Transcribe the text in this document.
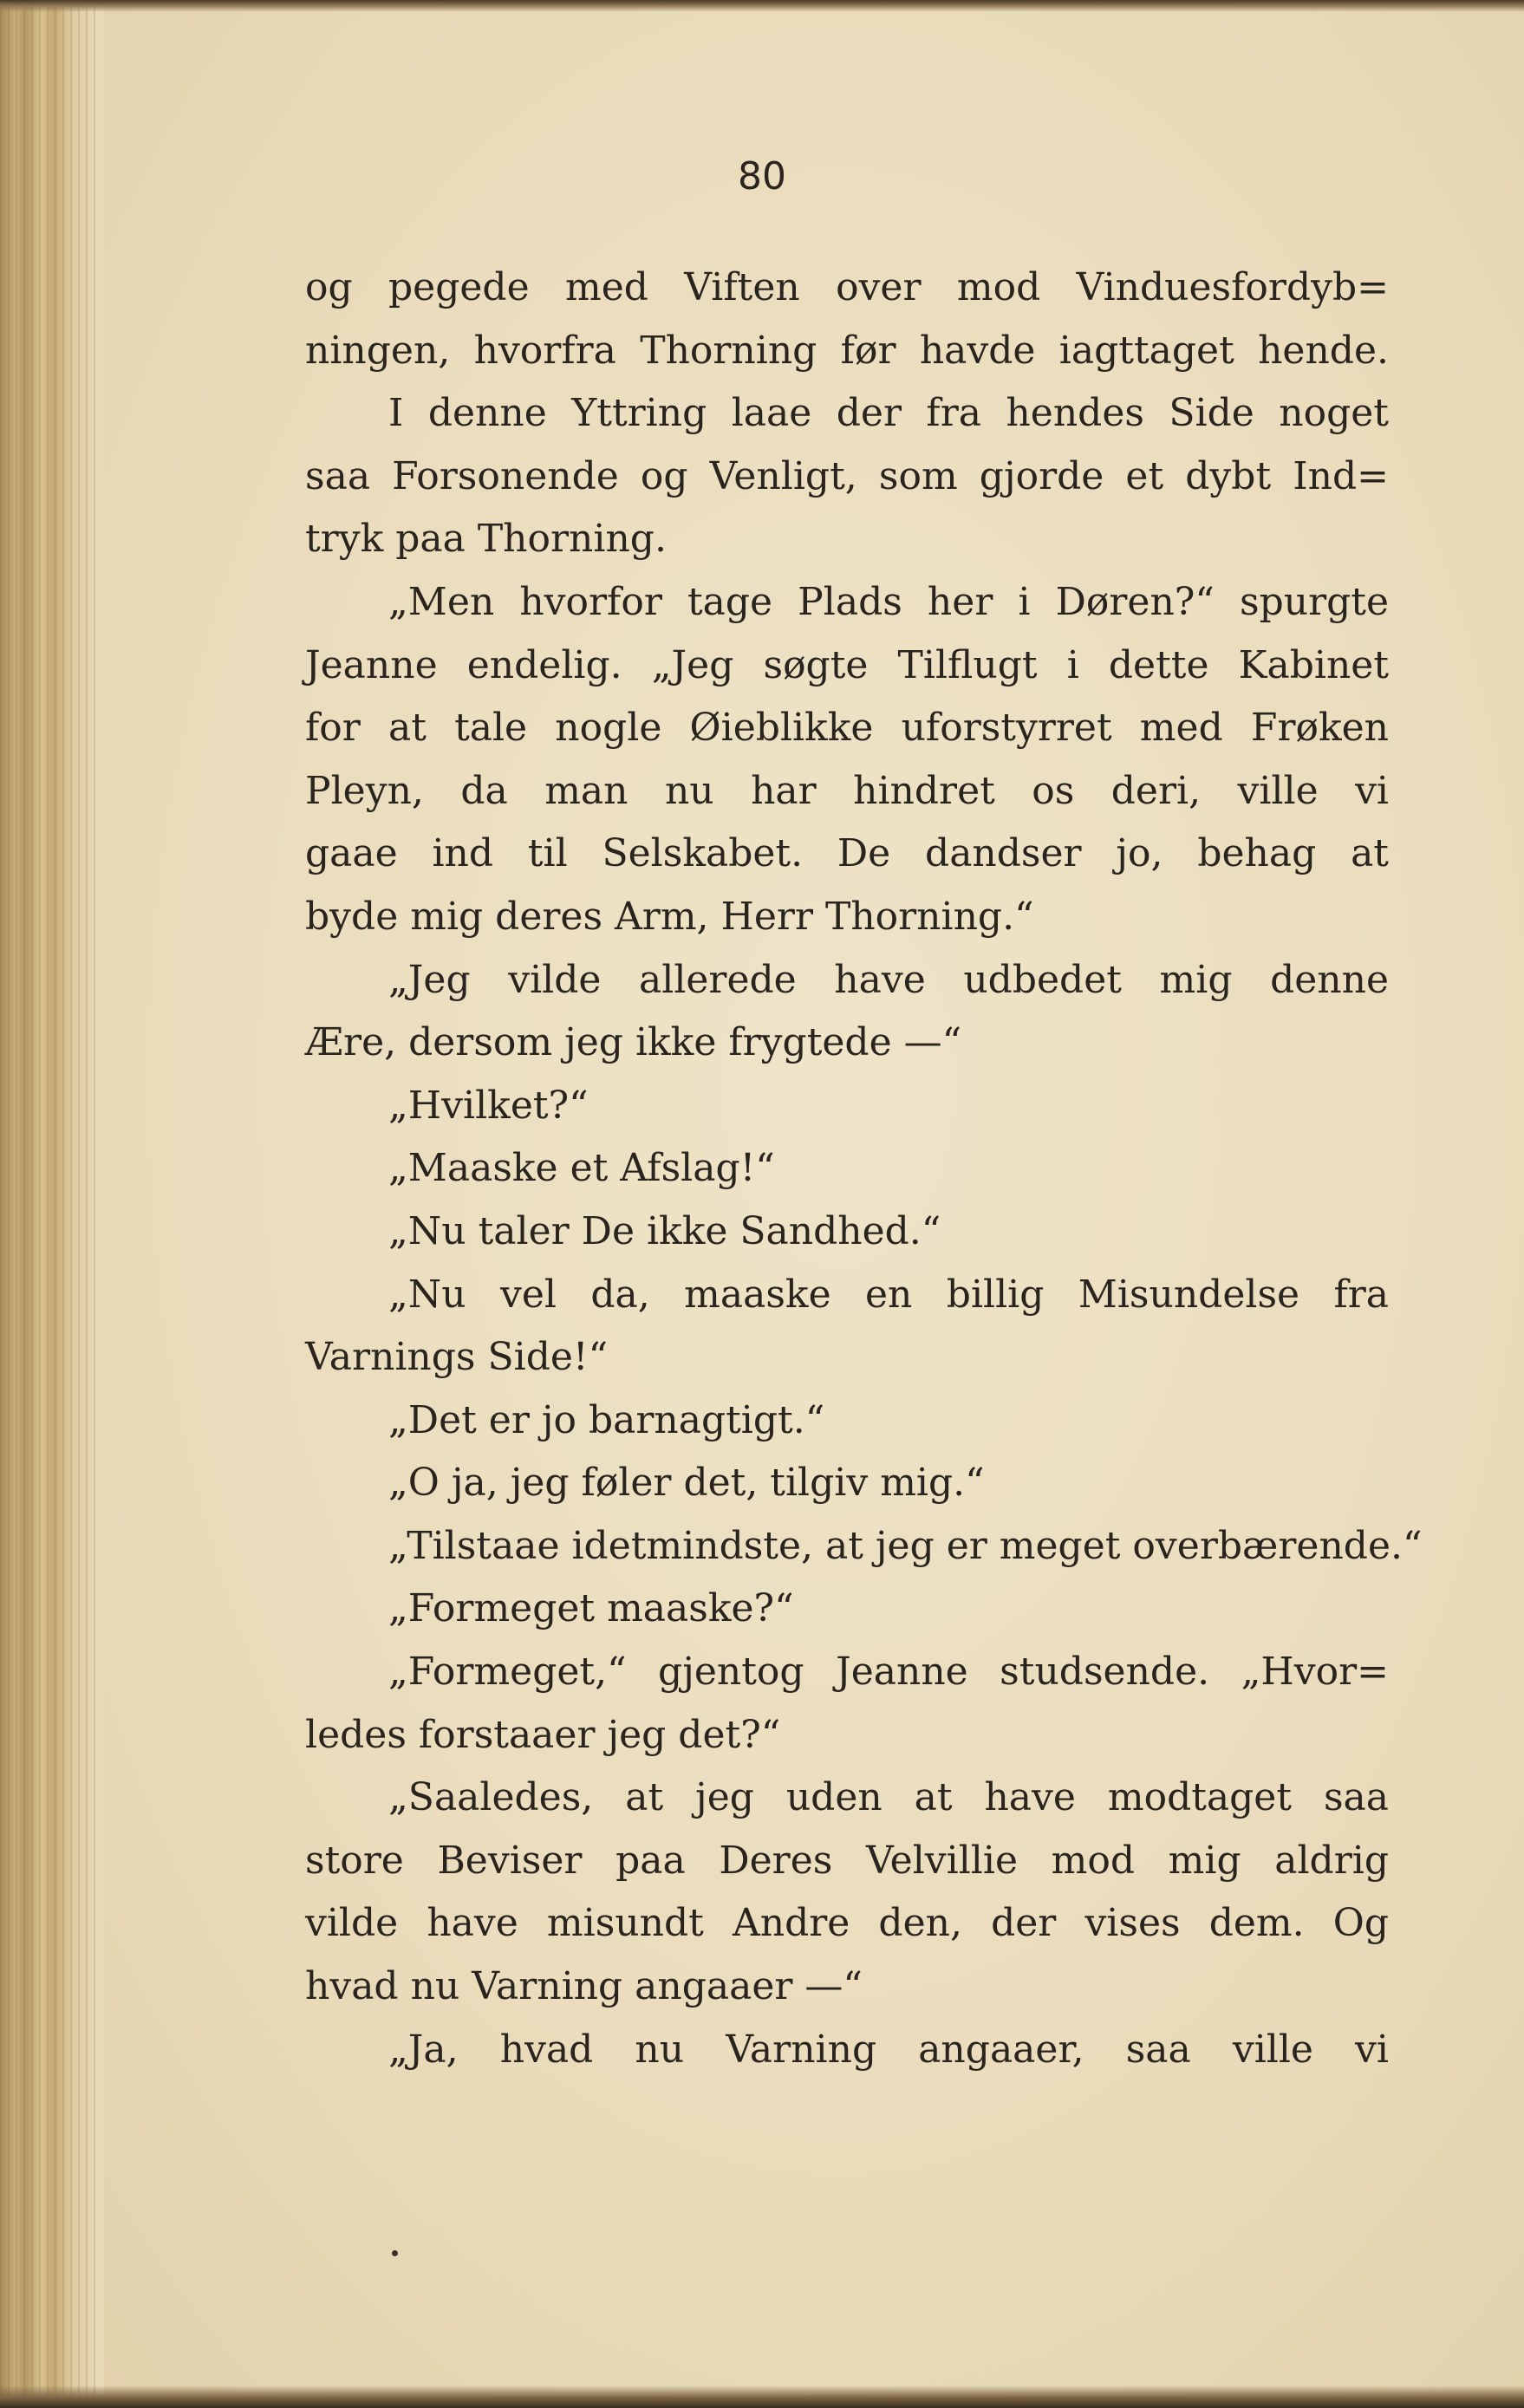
80
og pegede med Viften over mod Vinduesfordyb=
ningen, hvorfra Thorning før havde iagttaget hende.
I denne Yttring laae der fra hendes Side noget
saa Forsonende og Venligt, som gjorde et dybt Ind=
tryk paa Thorning.
„Men hvorfor tage Plads her i Døren?“ spurgte
Jeanne endelig. „Jeg søgte Tilflugt i dette Kabinet
for at tale nogle Øieblikke uforstyrret med Frøken
Pleyn, da man nu har hindret os deri, ville vi
gaae ind til Selskabet. De dandser jo, behag at
byde mig deres Arm, Herr Thorning.“
„Jeg vilde allerede have udbedet mig denne
Ære, dersom jeg ikke frygtede —“
„Hvilket?“
„Maaske et Afslag!“
„Nu taler De ikke Sandhed.“
„Nu vel da, maaske en billig Misundelse fra
Varnings Side!“
„Det er jo barnagtigt.“
„O ja, jeg føler det, tilgiv mig.“
„Tilstaae idetmindste, at jeg er meget overbærende.“
„Formeget maaske?“
„Formeget,“ gjentog Jeanne studsende. „Hvor=
ledes forstaaer jeg det?“
„Saaledes, at jeg uden at have modtaget saa
store Beviser paa Deres Velvillie mod mig aldrig
vilde have misundt Andre den, der vises dem. Og
hvad nu Varning angaaer —“
„Ja, hvad nu Varning angaaer, saa ville vi
